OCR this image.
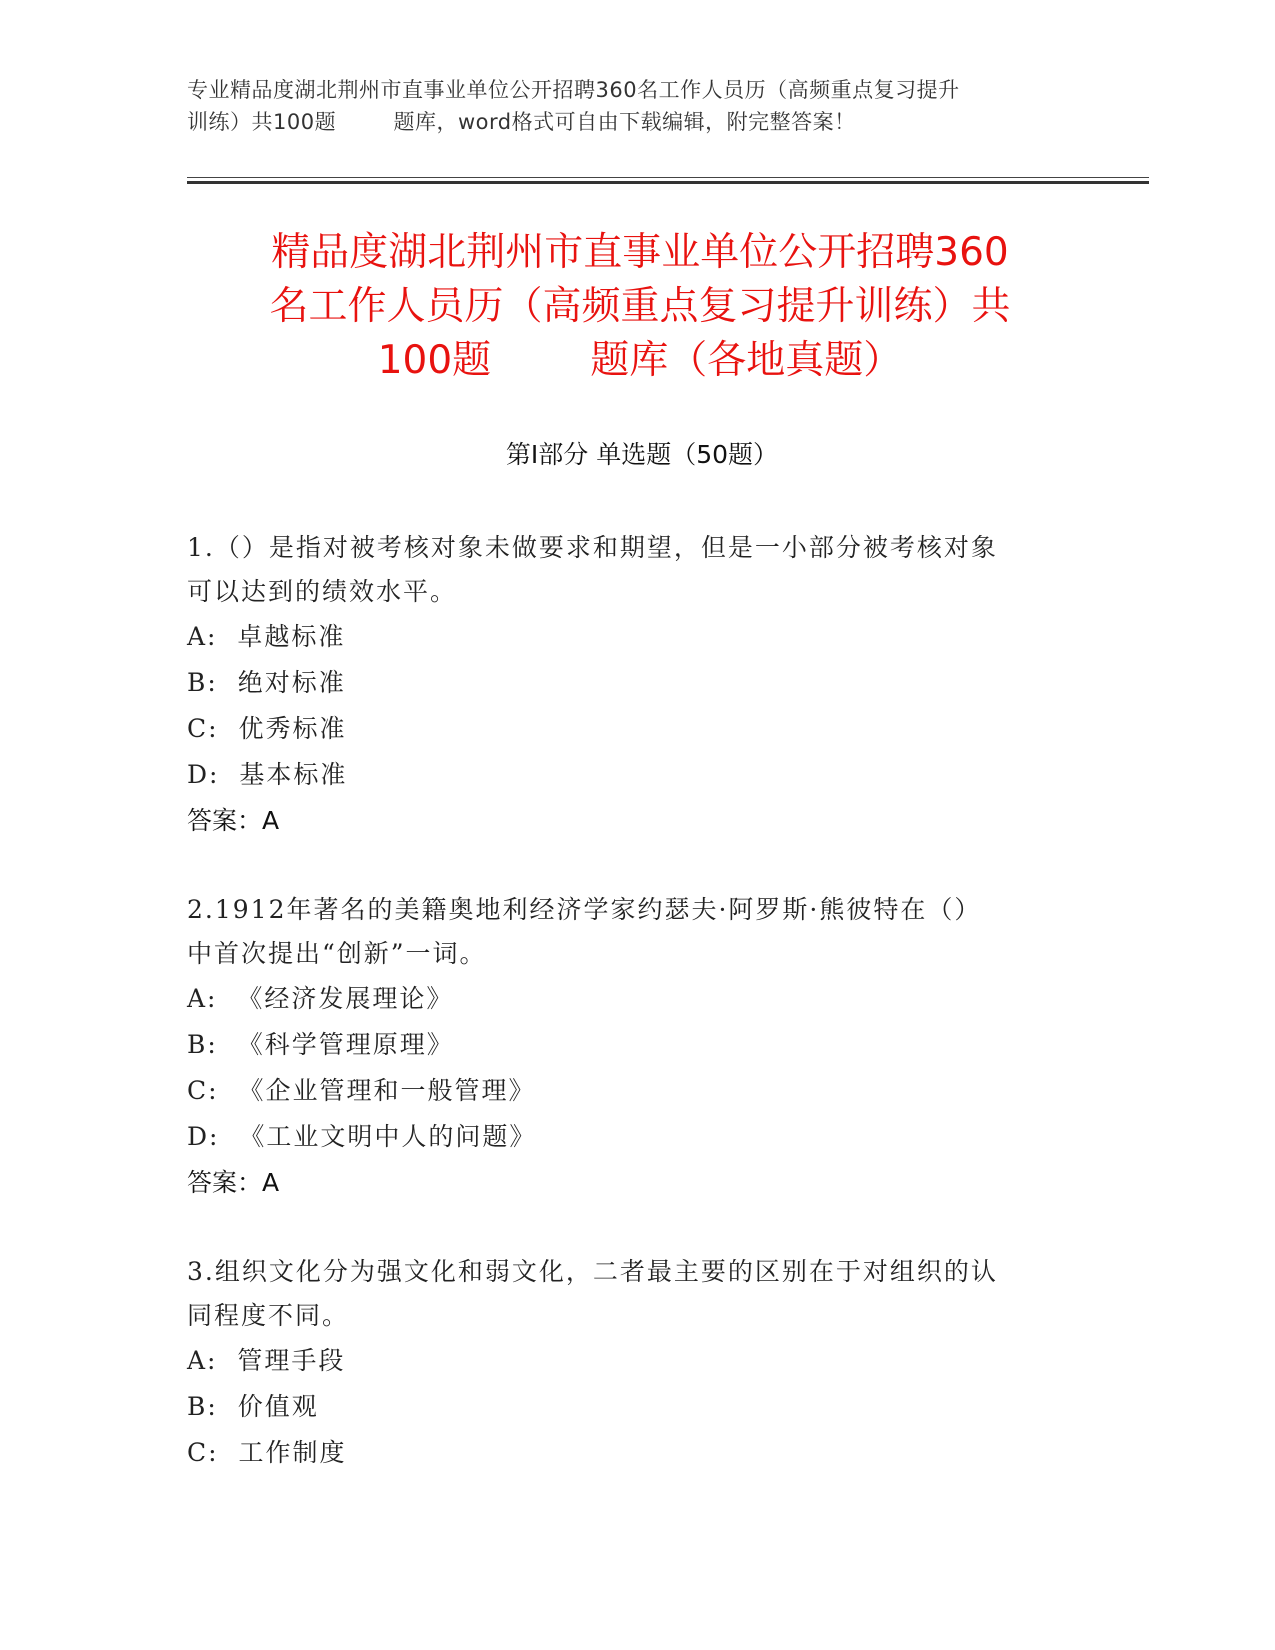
专业精品度湖北荆州市直事业单位公开招聘360名工作人员历（高频重点复习提升
训练）共100题        题库，word格式可自由下载编辑，附完整答案！
精品度湖北荆州市直事业单位公开招聘360
名工作人员历（高频重点复习提升训练）共
100题        题库（各地真题）
第Ⅰ部分 单选题（50题）
1.（）是指对被考核对象未做要求和期望，但是一小部分被考核对象
可以达到的绩效水平。
A:  卓越标准
B:  绝对标准
C:  优秀标准
D:  基本标准
答案：A
2.1912年著名的美籍奥地利经济学家约瑟夫·阿罗斯·熊彼特在（）
中首次提出“创新”一词。
A:  《经济发展理论》
B:  《科学管理原理》
C:  《企业管理和一般管理》
D:  《工业文明中人的问题》
答案：A
3.组织文化分为强文化和弱文化，二者最主要的区别在于对组织的认
同程度不同。
A:  管理手段
B:  价值观
C:  工作制度
